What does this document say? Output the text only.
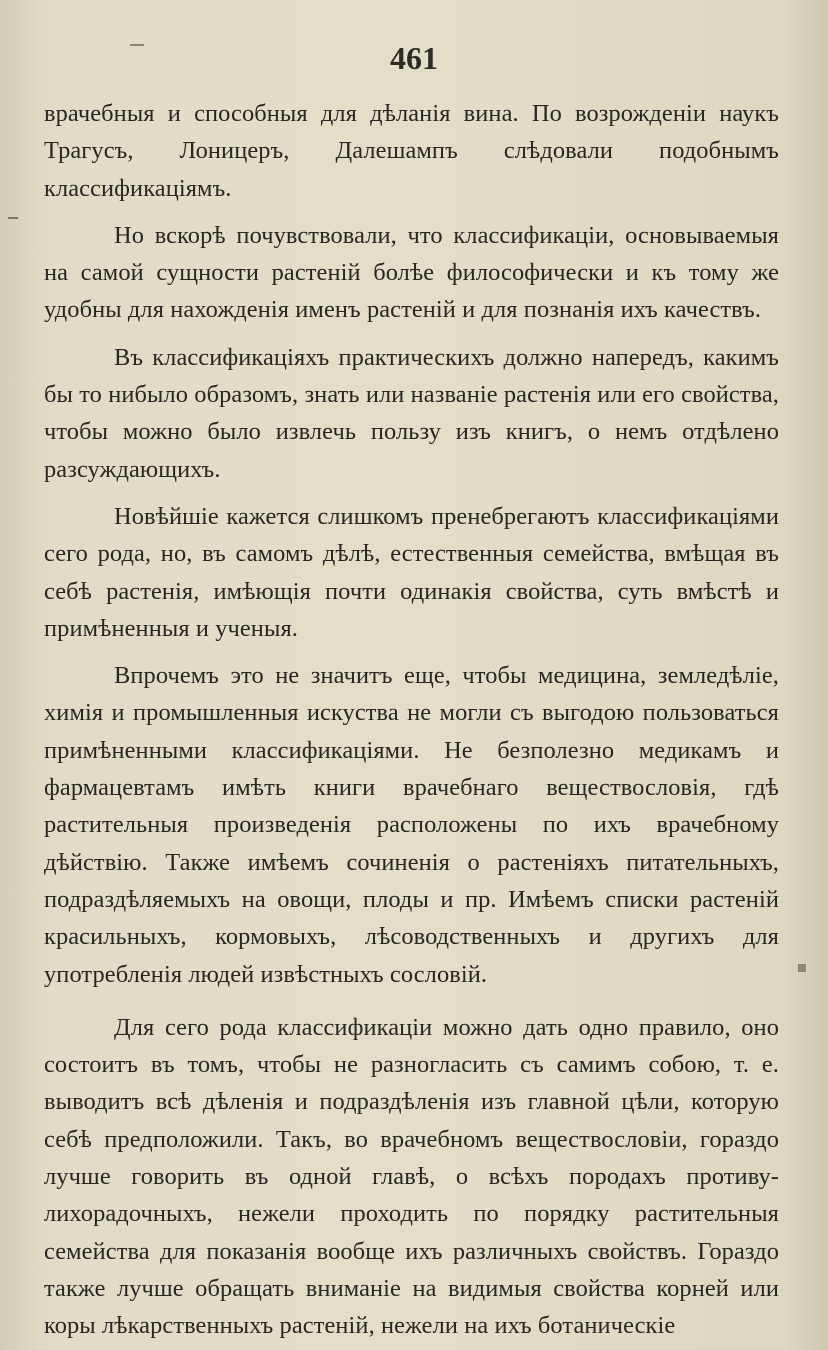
461

врачебныя и способныя для дѣланія вина. По возрожденіи наукъ Трагусъ, Лоницеръ, Далешампъ слѣдовали подобнымъ классификаціямъ.

Но вскорѣ почувствовали, что классификаціи, основываемыя на самой сущности растеній болѣе философически и къ тому же удобны для нахожденія именъ растеній и для познанія ихъ качествъ.

Въ классификаціяхъ практическихъ должно напередъ, какимъ бы то нибыло образомъ, знать или названіе растенія или его свойства, чтобы можно было извлечь пользу изъ книгъ, о немъ отдѣлено разсуждающихъ.

Новѣйшіе кажется слишкомъ пренебрегаютъ классификаціями сего рода, но, въ самомъ дѣлѣ, естественныя семейства, вмѣщая въ себѣ растенія, имѣющія почти одинакія свойства, суть вмѣстѣ и примѣненныя и ученыя.

Впрочемъ это не значитъ еще, чтобы медицина, земледѣліе, химія и промышленныя искуства не могли съ выгодою пользоваться примѣненными классификаціями. Не безполезно медикамъ и фармацевтамъ имѣть книги врачебнаго веществословія, гдѣ растительныя произведенія расположены по ихъ врачебному дѣйствію. Также имѣемъ сочиненія о растеніяхъ питательныхъ, подраздѣляемыхъ на овощи, плоды и пр. Имѣемъ списки растеній красильныхъ, кормовыхъ, лѣсоводственныхъ и другихъ для употребленія людей извѣстныхъ сословій.

Для сего рода классификаціи можно дать одно правило, оно состоитъ въ томъ, чтобы не разногласить съ самимъ собою, т. е. выводитъ всѣ дѣленія и подраздѣленія изъ главной цѣли, которую себѣ предположили. Такъ, во врачебномъ веществословіи, гораздо лучше говорить въ одной главѣ, о всѣхъ породахъ противу-лихорадочныхъ, нежели проходить по порядку растительныя семейства для показанія вообще ихъ различныхъ свойствъ. Гораздо также лучше обращать вниманіе на видимыя свойства корней или коры лѣкарственныхъ растеній, нежели на ихъ ботаническіе
